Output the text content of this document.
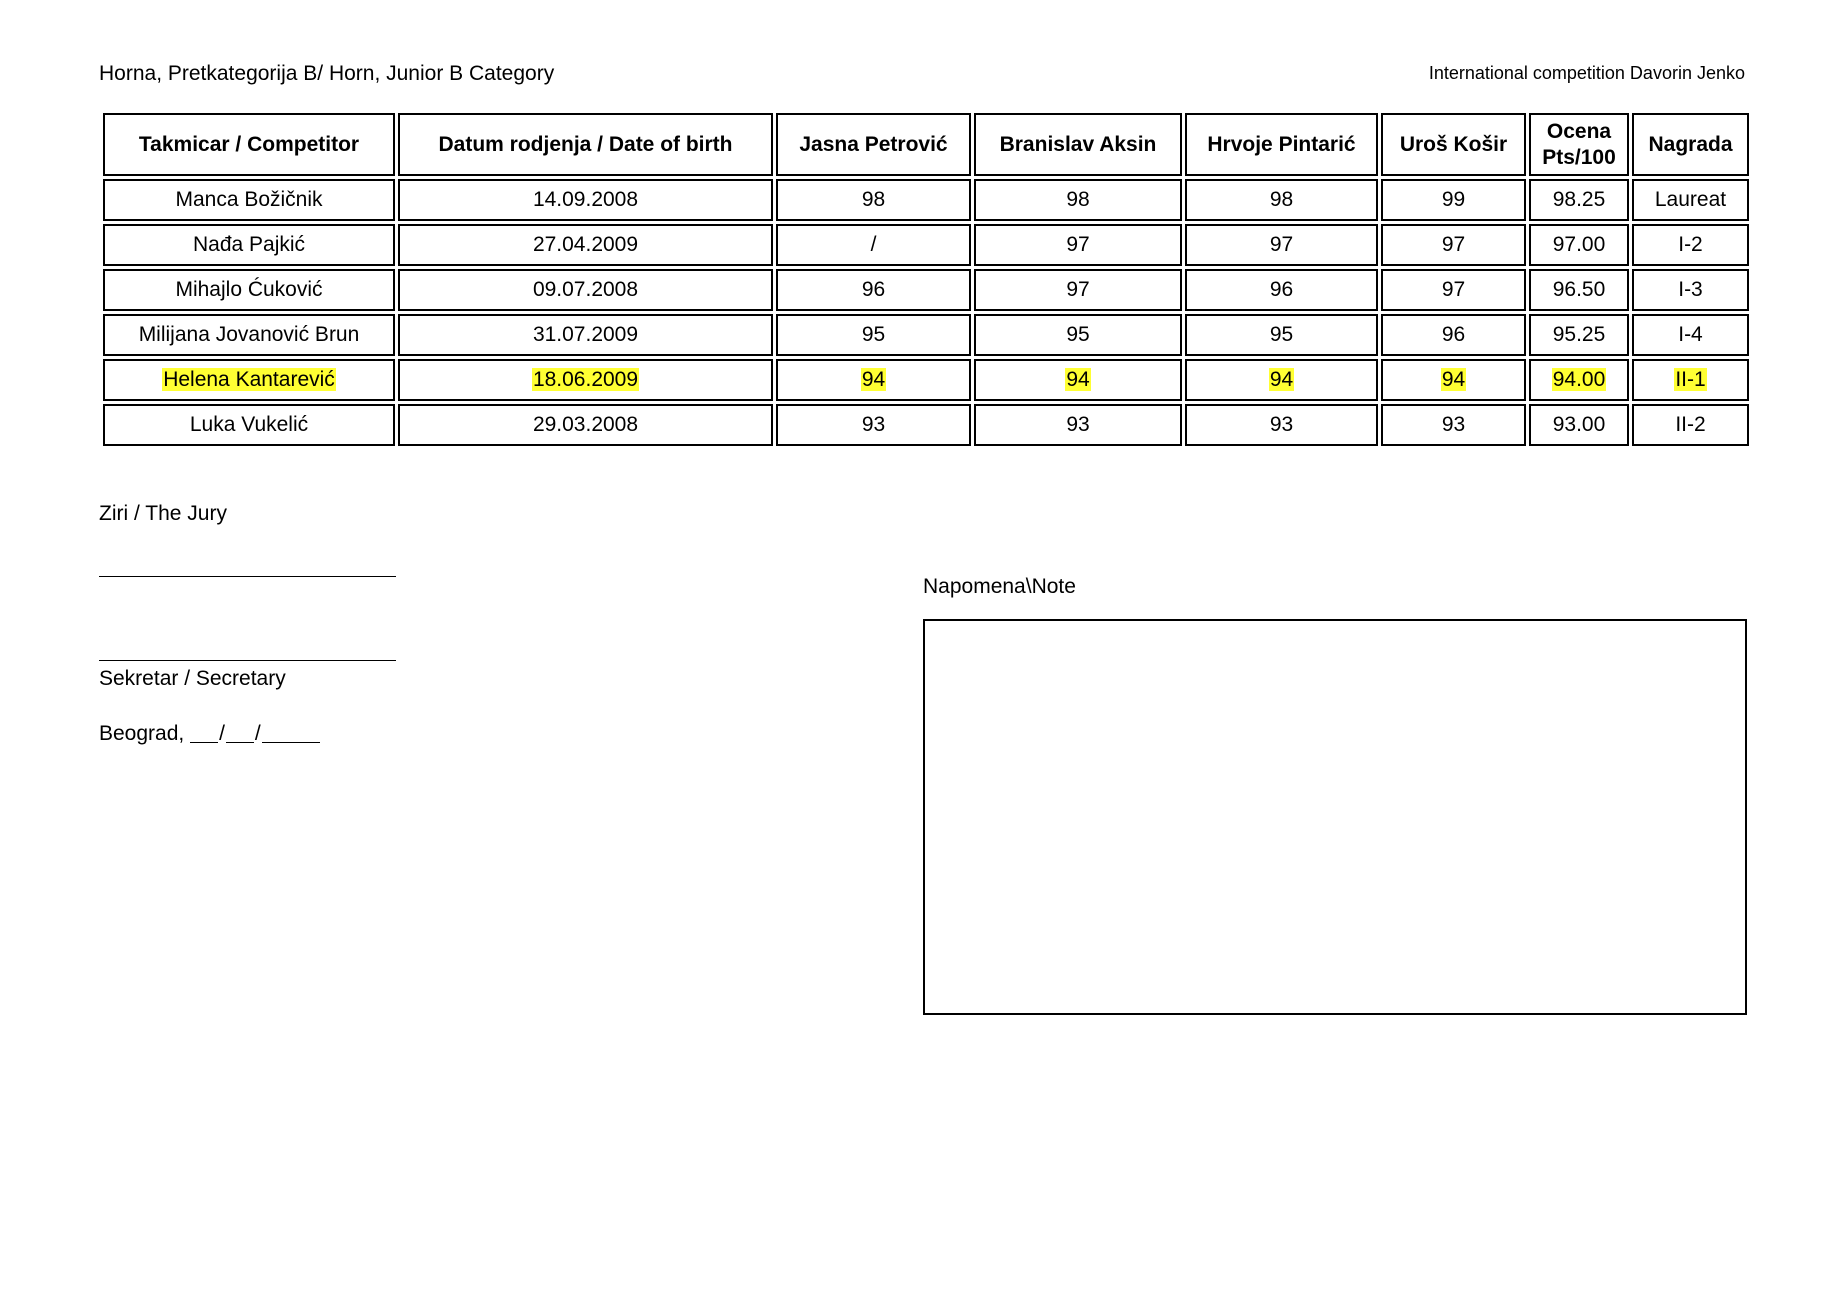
Horna, Pretkategorija B/ Horn, Junior B Category	International competition Davorin Jenko
Takmicar / Competitor	Datum rodjenja / Date of birth	Jasna Petrović	Branislav Aksin	Hrvoje Pintarić	Uroš Košir	Ocena
Pts/100	Nagrada
Manca Božičnik	14.09.2008	98	98	98	99	98.25	Laureat
Nađa Pajkić	27.04.2009	/	97	97	97	97.00	I-2
Mihajlo Ćuković	09.07.2008	96	97	96	97	96.50	I-3
Milijana Jovanović Brun	31.07.2009	95	95	95	96	95.25	I-4
Helena Kantarević	18.06.2009	94	94	94	94	94.00	II-1
Luka Vukelić	29.03.2008	93	93	93	93	93.00	II-2
Ziri / The Jury
Sekretar / Secretary
Beograd, / /
Napomena\Note
